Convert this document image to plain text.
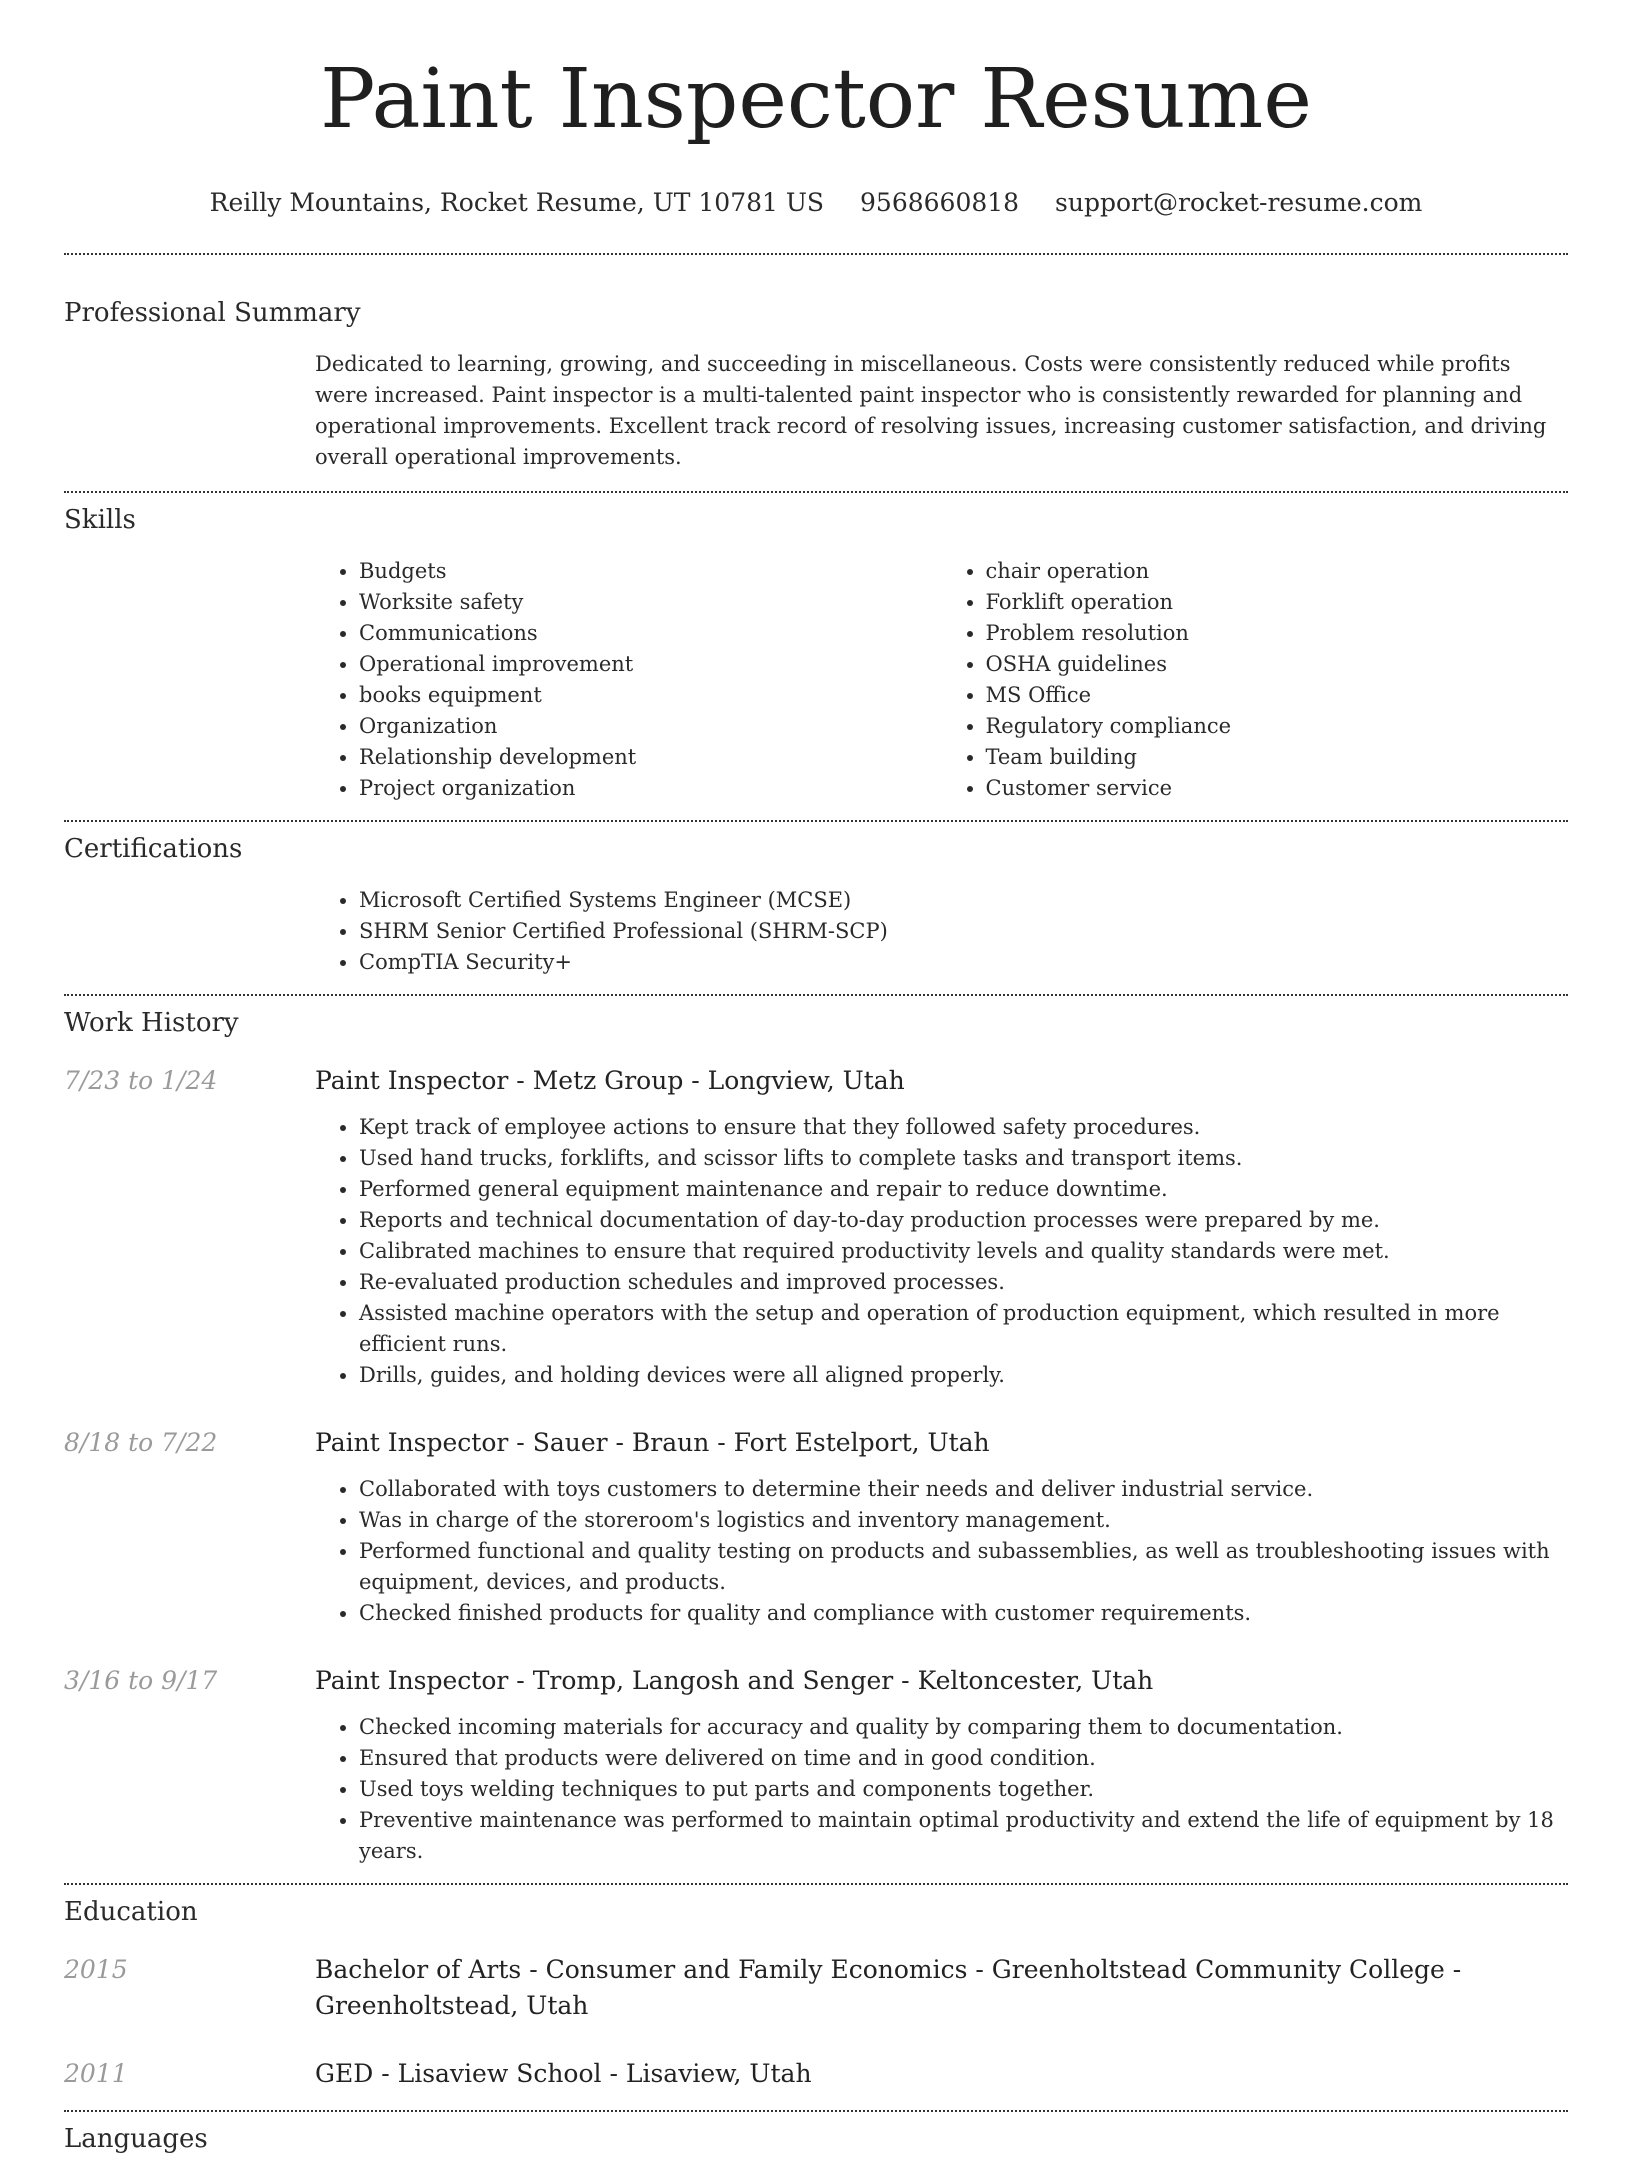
Paint Inspector Resume
Reilly Mountains, Rocket Resume, UT 10781 US 9568660818 support@rocket-resume.com
Professional Summary
Dedicated to learning, growing, and succeeding in miscellaneous. Costs were consistently reduced while profits were increased. Paint inspector is a multi-talented paint inspector who is consistently rewarded for planning and operational improvements. Excellent track record of resolving issues, increasing customer satisfaction, and driving overall operational improvements.
Skills
• Budgets
• Worksite safety
• Communications
• Operational improvement
• books equipment
• Organization
• Relationship development
• Project organization
• chair operation
• Forklift operation
• Problem resolution
• OSHA guidelines
• MS Office
• Regulatory compliance
• Team building
• Customer service
Certifications
• Microsoft Certified Systems Engineer (MCSE)
• SHRM Senior Certified Professional (SHRM-SCP)
• CompTIA Security+
Work History
7/23 to 1/24	Paint Inspector - Metz Group - Longview, Utah
• Kept track of employee actions to ensure that they followed safety procedures.
• Used hand trucks, forklifts, and scissor lifts to complete tasks and transport items.
• Performed general equipment maintenance and repair to reduce downtime.
• Reports and technical documentation of day-to-day production processes were prepared by me.
• Calibrated machines to ensure that required productivity levels and quality standards were met.
• Re-evaluated production schedules and improved processes.
• Assisted machine operators with the setup and operation of production equipment, which resulted in more efficient runs.
• Drills, guides, and holding devices were all aligned properly.
8/18 to 7/22	Paint Inspector - Sauer - Braun - Fort Estelport, Utah
• Collaborated with toys customers to determine their needs and deliver industrial service.
• Was in charge of the storeroom's logistics and inventory management.
• Performed functional and quality testing on products and subassemblies, as well as troubleshooting issues with equipment, devices, and products.
• Checked finished products for quality and compliance with customer requirements.
3/16 to 9/17	Paint Inspector - Tromp, Langosh and Senger - Keltoncester, Utah
• Checked incoming materials for accuracy and quality by comparing them to documentation.
• Ensured that products were delivered on time and in good condition.
• Used toys welding techniques to put parts and components together.
• Preventive maintenance was performed to maintain optimal productivity and extend the life of equipment by 18 years.
Education
2015	Bachelor of Arts - Consumer and Family Economics - Greenholtstead Community College - Greenholtstead, Utah
2011	GED - Lisaview School - Lisaview, Utah
Languages
